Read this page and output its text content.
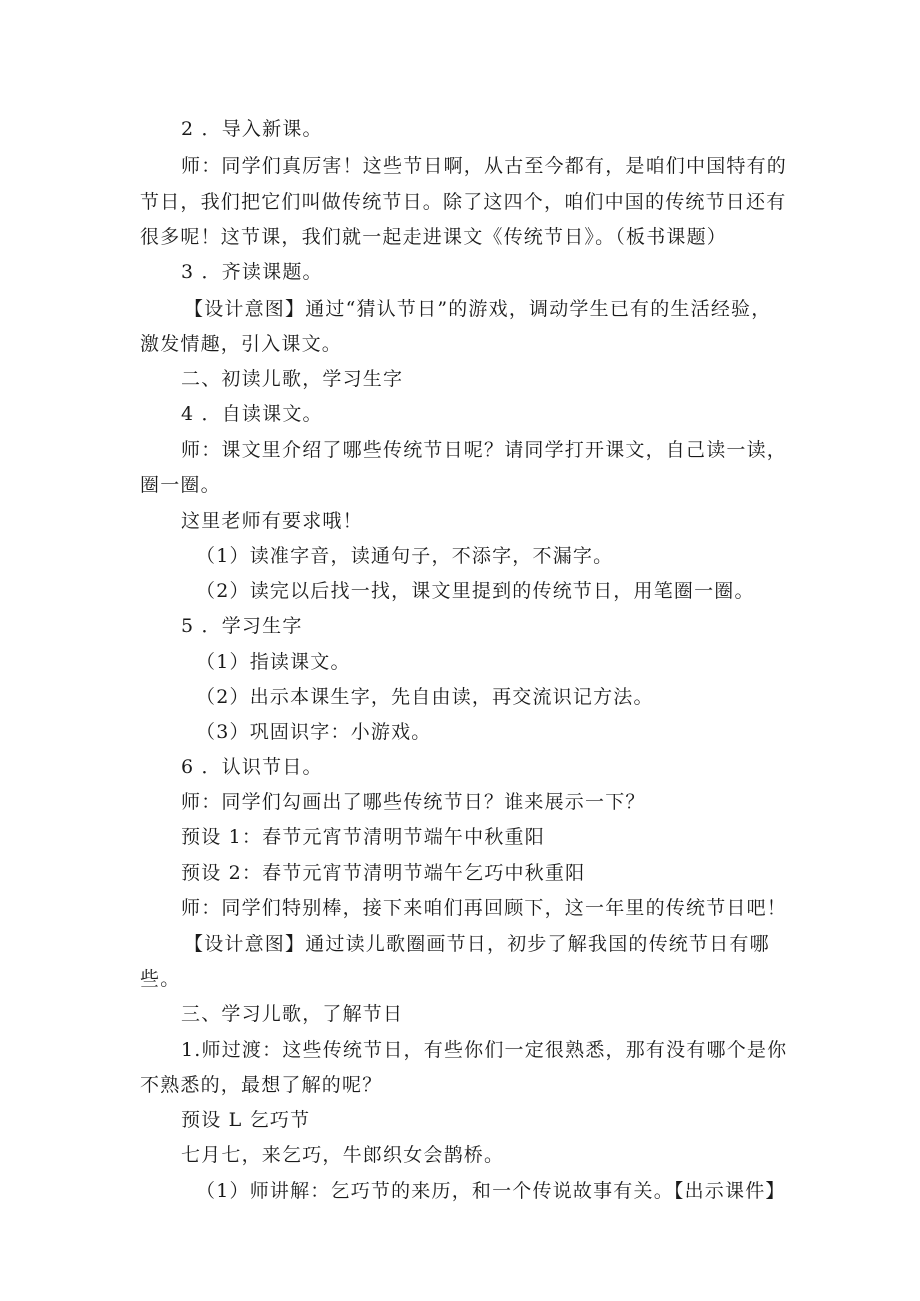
2 ．导入新课。
师：同学们真厉害！这些节日啊，从古至今都有，是咱们中国特有的
节日，我们把它们叫做传统节日。除了这四个，咱们中国的传统节日还有
很多呢！这节课，我们就一起走进课文《传统节日》。（板书课题）
3 ．齐读课题。
【设计意图】通过“猜认节日”的游戏，调动学生已有的生活经验，
激发情趣，引入课文。
二、初读儿歌，学习生字
4 ．自读课文。
师：课文里介绍了哪些传统节日呢？请同学打开课文，自己读一读，
圈一圈。
这里老师有要求哦！
（1）读准字音，读通句子，不添字，不漏字。
（2）读完以后找一找，课文里提到的传统节日，用笔圈一圈。
5 ．学习生字
（1）指读课文。
（2）出示本课生字，先自由读，再交流识记方法。
（3）巩固识字：小游戏。
6 ．认识节日。
师：同学们勾画出了哪些传统节日？谁来展示一下？
预设 1：春节元宵节清明节端午中秋重阳
预设 2：春节元宵节清明节端午乞巧中秋重阳
师：同学们特别棒，接下来咱们再回顾下，这一年里的传统节日吧！
【设计意图】通过读儿歌圈画节日，初步了解我国的传统节日有哪
些。
三、学习儿歌，了解节日
1.师过渡：这些传统节日，有些你们一定很熟悉，那有没有哪个是你
不熟悉的，最想了解的呢？
预设 L 乞巧节
七月七，来乞巧，牛郎织女会鹊桥。
（1）师讲解：乞巧节的来历，和一个传说故事有关。【出示课件】
